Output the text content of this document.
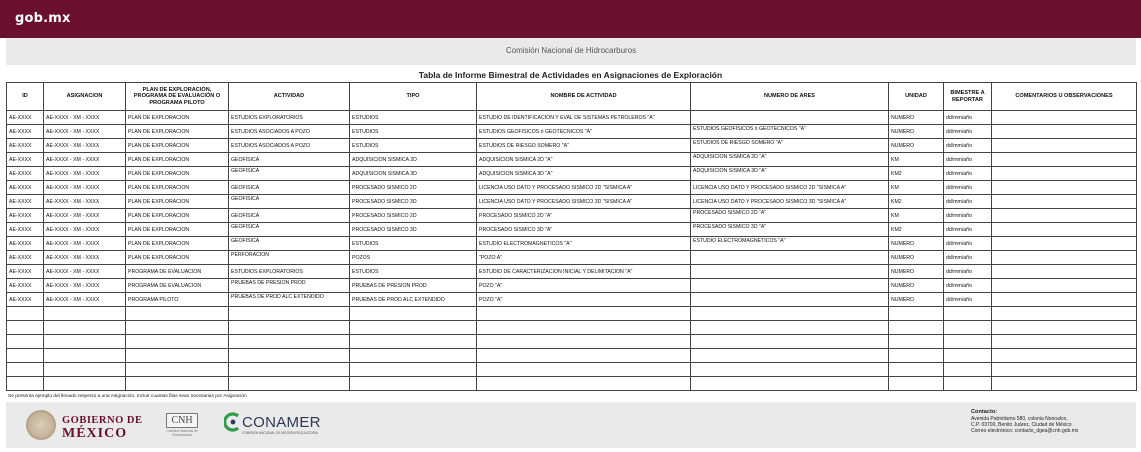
gob.mx
Comisión Nacional de Hidrocarburos
Tabla de Informe Bimestral de Actividades en Asignaciones de Exploración
ID	ASIGNACION	PLAN DE EXPLORACIÓN, PROGRAMA DE EVALUACIÓN O PROGRAMA PILOTO	ACTIVIDAD	TIPO	NOMBRE DE ACTIVIDAD	NUMERO DE ARES	UNIDAD	BIMESTRE A REPORTAR	COMENTARIOS U OBSERVACIONES
AE-XXXX	AE-XXXX - XM - XXXX	PLAN DE EXPLORACION	ESTUDIOS EXPLORATORIOS	ESTUDIOS	ESTUDIO DE IDENTIFICACION Y EVAL DE SISTEMAS PETROLEROS "A"		NUMERO	dd/mm/año	
AE-XXXX	AE-XXXX - XM - XXXX	PLAN DE EXPLORACION	ESTUDIOS ASOCIADOS A POZO	ESTUDIOS	ESTUDIOS GEOFISICOS ó GEOTECNICOS "A"	ESTUDIOS GEOFISICOS ó GEOTECNICOS "A"	NUMERO	dd/mm/año	
AE-XXXX	AE-XXXX - XM - XXXX	PLAN DE EXPLORACION	ESTUDIOS ASOCIADOS A POZO	ESTUDIOS	ESTUDIOS DE RIESGO SOMERO "A"	ESTUDIOS DE RIESGO SOMERO "A"	NUMERO	dd/mm/año	
AE-XXXX	AE-XXXX - XM - XXXX	PLAN DE EXPLORACION	GEOFISICA	ADQUISICION SISMICA 2D	ADQUISICION SISMICA 2D "A"	ADQUISICION SISMICA 2D "A"	KM	dd/mm/año	
AE-XXXX	AE-XXXX - XM - XXXX	PLAN DE EXPLORACION	GEOFISICA	ADQUISICION SISMICA 3D	ADQUISICION SISMICA 3D "A"	ADQUISICION SISMICA 3D "A"	KM2	dd/mm/año	
AE-XXXX	AE-XXXX - XM - XXXX	PLAN DE EXPLORACION	GEOFISICA	PROCESADO SISMICO 2D	LICENCIA USO DATO Y PROCESADO SISMICO 2D "SISMICA A"	LICENCIA USO DATO Y PROCESADO SISMICO 2D "SISMICA A"	KM	dd/mm/año	
AE-XXXX	AE-XXXX - XM - XXXX	PLAN DE EXPLORACION	GEOFISICA	PROCESADO SISMICO 3D	LICENCIA USO DATO Y PROCESADO SISMICO 3D "SISMICA A"	LICENCIA USO DATO Y PROCESADO SISMICO 3D "SISMICA A"	KM2	dd/mm/año	
AE-XXXX	AE-XXXX - XM - XXXX	PLAN DE EXPLORACION	GEOFISICA	PROCESADO SISMICO 2D	PROCESADO SISMICO 2D "A"	PROCESADO SISMICO 2D "A"	KM	dd/mm/año	
AE-XXXX	AE-XXXX - XM - XXXX	PLAN DE EXPLORACION	GEOFISICA	PROCESADO SISMICO 3D	PROCESADO SISMICO 3D "A"	PROCESADO SISMICO 3D "A"	KM2	dd/mm/año	
AE-XXXX	AE-XXXX - XM - XXXX	PLAN DE EXPLORACION	GEOFISICA	ESTUDIOS	ESTUDIO ELECTROMAGNETICOS "A"	ESTUDIO ELECTROMAGNETICOS "A"	NUMERO	dd/mm/año	
AE-XXXX	AE-XXXX - XM - XXXX	PLAN DE EXPLORACION	PERFORACION	POZOS	"POZO A"		NUMERO	dd/mm/año	
AE-XXXX	AE-XXXX - XM - XXXX	PROGRAMA DE EVALUACION	ESTUDIOS EXPLORATORIOS	ESTUDIOS	ESTUDIO DE CARACTERIZACION INICIAL Y DELIMITACION "A"		NUMERO	dd/mm/año	
AE-XXXX	AE-XXXX - XM - XXXX	PROGRAMA DE EVALUACION	PRUEBAS DE PRESION PROD	PRUEBAS DE PRESION PROD	POZO "A"		NUMERO	dd/mm/año	
AE-XXXX	AE-XXXX - XM - XXXX	PROGRAMA PILOTO	PRUEBAS DE PROD ALC EXTENDIDO	PRUEBAS DE PROD ALC EXTENDIDO	POZO "A"		NUMERO	dd/mm/año	

Se presenta ejemplo del llenado respecto a una Asignación, Incluir cuantas filas sean necesarias por Asignación
GOBIERNO DE
MÉXICO
CNH
Comisión Nacional de Hidrocarburos
CONAMER
COMISIÓN NACIONAL DE MEJORA REGULATORIA
Contacto:
Avenida Patriotismo 580, colonia Nonoalco,
C.P. 03700, Benito Juárez, Ciudad de México
Correo electrónico: contacto_dgea@cnh.gob.mx
